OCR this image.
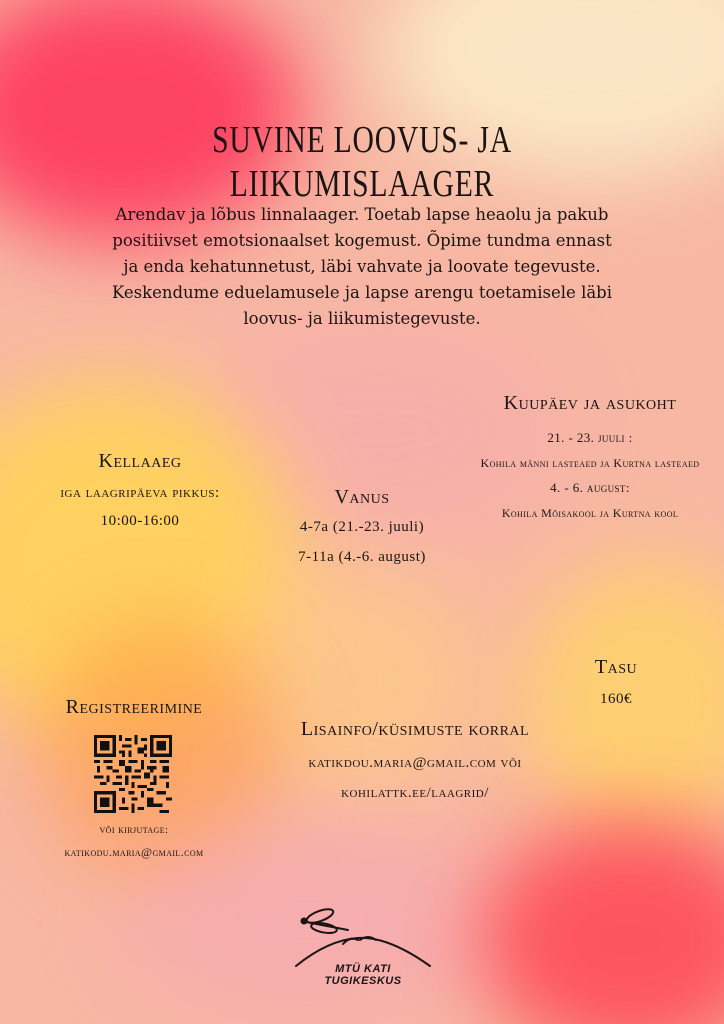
SUVINE LOOVUS- JA LIIKUMISLAAGER
Arendav ja lõbus linnalaager. Toetab lapse heaolu ja pakub positiivset emotsionaalset kogemust. Õpime tundma ennast ja enda kehatunnetust, läbi vahvate ja loovate tegevuste. Keskendume eduelamusele ja lapse arengu toetamisele läbi loovus- ja liikumistegevuste.
Kuupäev ja asukoht
21. - 23. juuli :
Kohila männi lasteaed ja Kurtna lasteaed
4. - 6. august:
Kohila Mõisakool ja Kurtna kool
Kellaaeg
iga laagripäeva pikkus:
10:00-16:00
Vanus
4-7a (21.-23. juuli)
7-11a (4.-6. august)
Tasu
160€
Registreerimine
või kirjutage:
katikodu.maria@gmail.com
Lisainfo/küsimuste korral
katikdou.maria@gmail.com või
kohilattk.ee/laagrid/
MTÜ KATI
TUGIKESKUS
